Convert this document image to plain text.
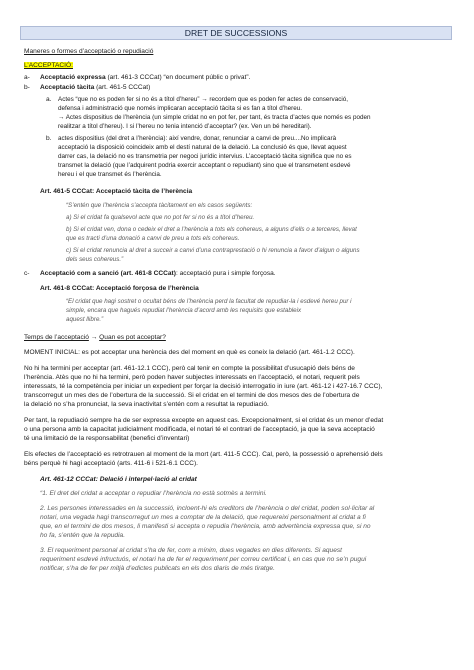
DRET DE SUCCESSIONS
Maneres o formes d’acceptació o repudiació
L’ACCEPTACIÓ:
a- Acceptació expressa (art. 461-3 CCCat) “en document públic o privat”.
b- Acceptació tàcita (art. 461-5 CCCat)
a. Actes “que no es poden fer si no és a títol d’hereu” → recordem que es poden fer actes de conservació,
defensa i administració que només implicaran acceptació tàcita si es fan a títol d’hereu.
→ Actes dispositius de l’herència (un simple cridat no en pot fer, per tant, és tracta d’actes que només es poden
realitzar a títol d’hereu). I si l’hereu no tenia intenció d’acceptar? (ex. Ven un bé hereditari).
b. actes dispositius (del dret a l’herència): així vendre, donar, renunciar a canvi de preu....No implicarà
acceptació la disposició coincideix amb el destí natural de la delació. La conclusió és que, llevat aquest
darrer cas, la delació no es transmetria per negoci jurídic intervius. L’acceptació tàcita significa que no es
transmet la delació (que l’adquirent podria exercir acceptant o repudiant) sino que el transmetent esdevé
hereu i el que transmet és l’herència.
Art. 461-5 CCCat: Acceptació tàcita de l’herència
“S’entén que l’herència s’accepta tàcitament en els casos següents:
a) Si el cridat fa qualsevol acte que no pot fer si no és a títol d’hereu.
b) Si el cridat ven, dona o cedeix el dret a l’herència a tots els cohereus, a alguns d’ells o a terceres, llevat
que es tracti d’una donació a canvi de preu a tots els cohereus.
c) Si el cridat renuncia al dret a succeir a canvi d’una contraprestació o hi renuncia a favor d’algun o alguns
dels seus cohereus.”
c- Acceptació com a sanció (art. 461-8 CCCat): acceptació pura i simple forçosa.
Art. 461-8 CCCat: Acceptació forçosa de l’herència
“El cridat que hagi sostret o ocultat béns de l’herència perd la facultat de repudiar-la i esdevé hereu pur i
simple, encara que hagués repudiat l’herència d’acord amb les requisits que estableix
aquest llibre.”
Temps de l’acceptació → Quan es pot acceptar?
MOMENT INICIAL: es pot acceptar una herència des del moment en què es coneix la delació (art. 461-1.2 CCC).
No hi ha termini per acceptar (art. 461-12.1 CCC), però cal tenir en compte la possibilitat d’usucapió dels béns de
l’herència. Atès que no hi ha termini, però poden haver subjectes interessats en l’acceptació, el notari, requerit pels
interessats, té la competència per iniciar un expedient per forçar la decisió interrogatio in iure (art. 461-12 i 427-16.7 CCC),
transcorregut un mes des de l’obertura de la successió. Si el cridat en el termini de dos mesos des de l’obertura de
la delació no s’ha pronunciat, la seva inactivitat s’entén com a resultat la repudiació.
Per tant, la repudiació sempre ha de ser expressa excepte en aquest cas. Excepcionalment, si el cridat és un menor d’edat
o una persona amb la capacitat judicialment modificada, el notari té el contrari de l’acceptació, ja que la seva acceptació
té una limitació de la responsabilitat (benefici d’inventari)
Els efectes de l’acceptació es retrotrauen al moment de la mort (art. 411-5 CCC). Cal, però, la possessió o aprehensió dels
béns perquè hi hagi acceptació (arts. 411-6 i 521-6.1 CCC).
Art. 461-12 CCCat: Delació i interpel·lació al cridat
“1. El dret del cridat a acceptar o repudiar l’herència no està sotmès a termini.
2. Les persones interessades en la successió, incloent-hi els creditors de l’herència o del cridat, poden sol·licitar al
notari, una vegada hagi transcorregut un mes a comptar de la delació, que requereixi personalment al cridat a fi
que, en el termini de dos mesos, li manifesti si accepta o repudia l’herència, amb advertència expressa que, si no
ho fa, s’entén que la repudia.
3. El requeriment personal al cridat s’ha de fer, com a mínim, dues vegades en dies diferents. Si aquest
requeriment esdevé infructuós, el notari ha de fer el requeriment per correu certificat i, en cas que no se’n pugui
notificar, s’ha de fer per mitjà d’edictes publicats en els dos diaris de més tiratge.
